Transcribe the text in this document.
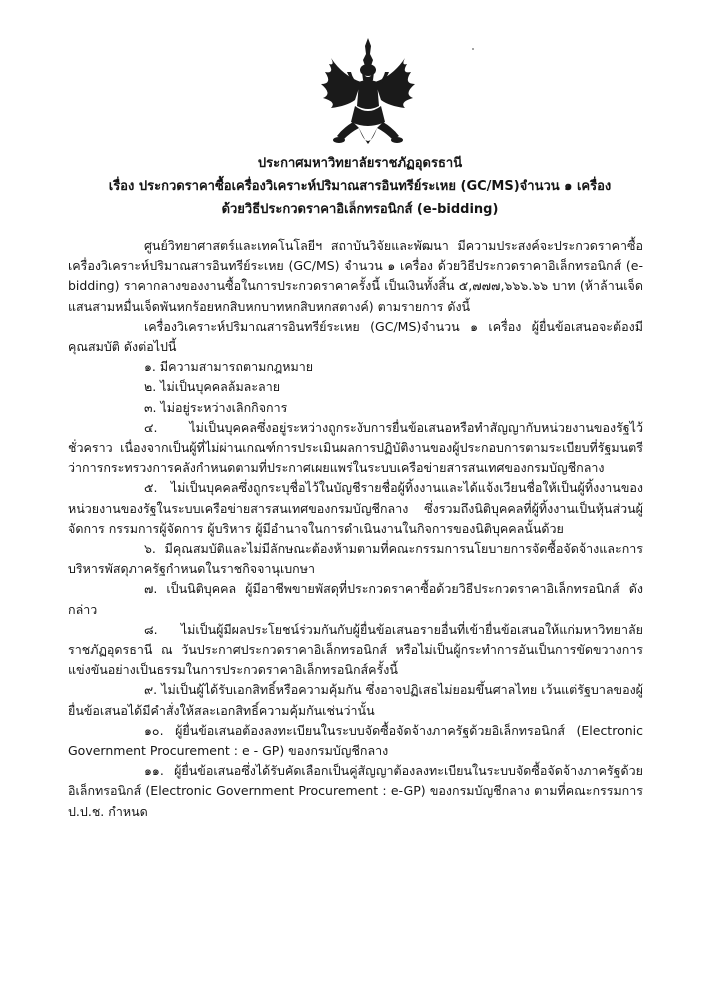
ประกาศมหาวิทยาลัยราชภัฏอุดรธานี
เรื่อง ประกวดราคาซื้อเครื่องวิเคราะห์ปริมาณสารอินทรีย์ระเหย (GC/MS)จำนวน ๑ เครื่อง
ด้วยวิธีประกวดราคาอิเล็กทรอนิกส์ (e-bidding)

ศูนย์วิทยาศาสตร์และเทคโนโลยีฯ สถาบันวิจัยและพัฒนา มีความประสงค์จะประกวดราคาซื้อเครื่องวิเคราะห์ปริมาณสารอินทรีย์ระเหย (GC/MS) จำนวน ๑ เครื่อง ด้วยวิธีประกวดราคาอิเล็กทรอนิกส์ (e-bidding) ราคากลางของงานซื้อในการประกวดราคาครั้งนี้ เป็นเงินทั้งสิ้น ๕,๗๗๗,๖๖๖.๖๖ บาท (ห้าล้านเจ็ดแสนสามหมื่นเจ็ดพันหกร้อยหกสิบหกบาทหกสิบหกสตางค์) ตามรายการ ดังนี้

เครื่องวิเคราะห์ปริมาณสารอินทรีย์ระเหย (GC/MS)จำนวน ๑ เครื่อง ผู้ยื่นข้อเสนอจะต้องมีคุณสมบัติ ดังต่อไปนี้

๑. มีความสามารถตามกฎหมาย

๒. ไม่เป็นบุคคลล้มละลาย

๓. ไม่อยู่ระหว่างเลิกกิจการ

๔. ไม่เป็นบุคคลซึ่งอยู่ระหว่างถูกระงับการยื่นข้อเสนอหรือทำสัญญากับหน่วยงานของรัฐไว้ชั่วคราว เนื่องจากเป็นผู้ที่ไม่ผ่านเกณฑ์การประเมินผลการปฏิบัติงานของผู้ประกอบการตามระเบียบที่รัฐมนตรีว่าการกระทรวงการคลังกำหนดตามที่ประกาศเผยแพร่ในระบบเครือข่ายสารสนเทศของกรมบัญชีกลาง

๕. ไม่เป็นบุคคลซึ่งถูกระบุชื่อไว้ในบัญชีรายชื่อผู้ทิ้งงานและได้แจ้งเวียนชื่อให้เป็นผู้ทิ้งงานของหน่วยงานของรัฐในระบบเครือข่ายสารสนเทศของกรมบัญชีกลาง ซึ่งรวมถึงนิติบุคคลที่ผู้ทิ้งงานเป็นหุ้นส่วนผู้จัดการ กรรมการผู้จัดการ ผู้บริหาร ผู้มีอำนาจในการดำเนินงานในกิจการของนิติบุคคลนั้นด้วย

๖. มีคุณสมบัติและไม่มีลักษณะต้องห้ามตามที่คณะกรรมการนโยบายการจัดซื้อจัดจ้างและการบริหารพัสดุภาครัฐกำหนดในราชกิจจานุเบกษา

๗. เป็นนิติบุคคล ผู้มีอาชีพขายพัสดุที่ประกวดราคาซื้อด้วยวิธีประกวดราคาอิเล็กทรอนิกส์ ดังกล่าว

๘. ไม่เป็นผู้มีผลประโยชน์ร่วมกันกับผู้ยื่นข้อเสนอรายอื่นที่เข้ายื่นข้อเสนอให้แก่มหาวิทยาลัยราชภัฏอุดรธานี ณ วันประกาศประกวดราคาอิเล็กทรอนิกส์ หรือไม่เป็นผู้กระทำการอันเป็นการขัดขวางการแข่งขันอย่างเป็นธรรมในการประกวดราคาอิเล็กทรอนิกส์ครั้งนี้

๙. ไม่เป็นผู้ได้รับเอกสิทธิ์หรือความคุ้มกัน ซึ่งอาจปฏิเสธไม่ยอมขึ้นศาลไทย เว้นแต่รัฐบาลของผู้ยื่นข้อเสนอได้มีคำสั่งให้สละเอกสิทธิ์ความคุ้มกันเช่นว่านั้น

๑๐. ผู้ยื่นข้อเสนอต้องลงทะเบียนในระบบจัดซื้อจัดจ้างภาครัฐด้วยอิเล็กทรอนิกส์ (Electronic Government Procurement : e - GP) ของกรมบัญชีกลาง

๑๑. ผู้ยื่นข้อเสนอซึ่งได้รับคัดเลือกเป็นคู่สัญญาต้องลงทะเบียนในระบบจัดซื้อจัดจ้างภาครัฐด้วยอิเล็กทรอนิกส์ (Electronic Government Procurement : e-GP) ของกรมบัญชีกลาง ตามที่คณะกรรมการ ป.ป.ช. กำหนด
